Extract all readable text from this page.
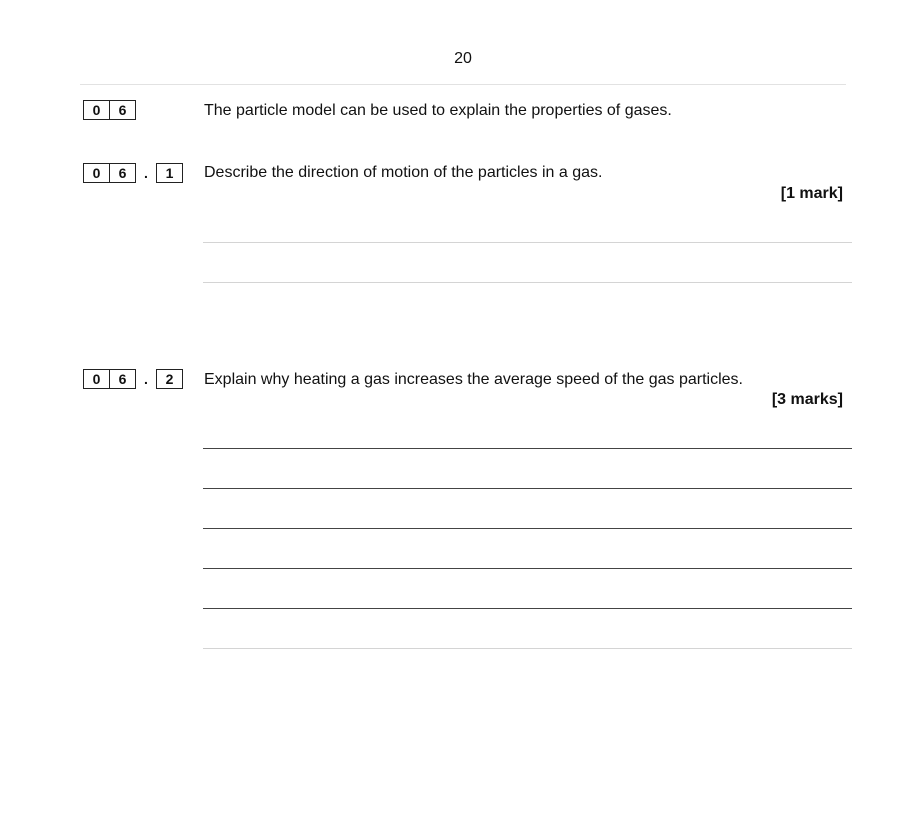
20
0	6	The particle model can be used to explain the properties of gases.
0	6	.	1	Describe the direction of motion of the particles in a gas.
[1 mark]
0	6	.	2	Explain why heating a gas increases the average speed of the gas particles.
[3 marks]
